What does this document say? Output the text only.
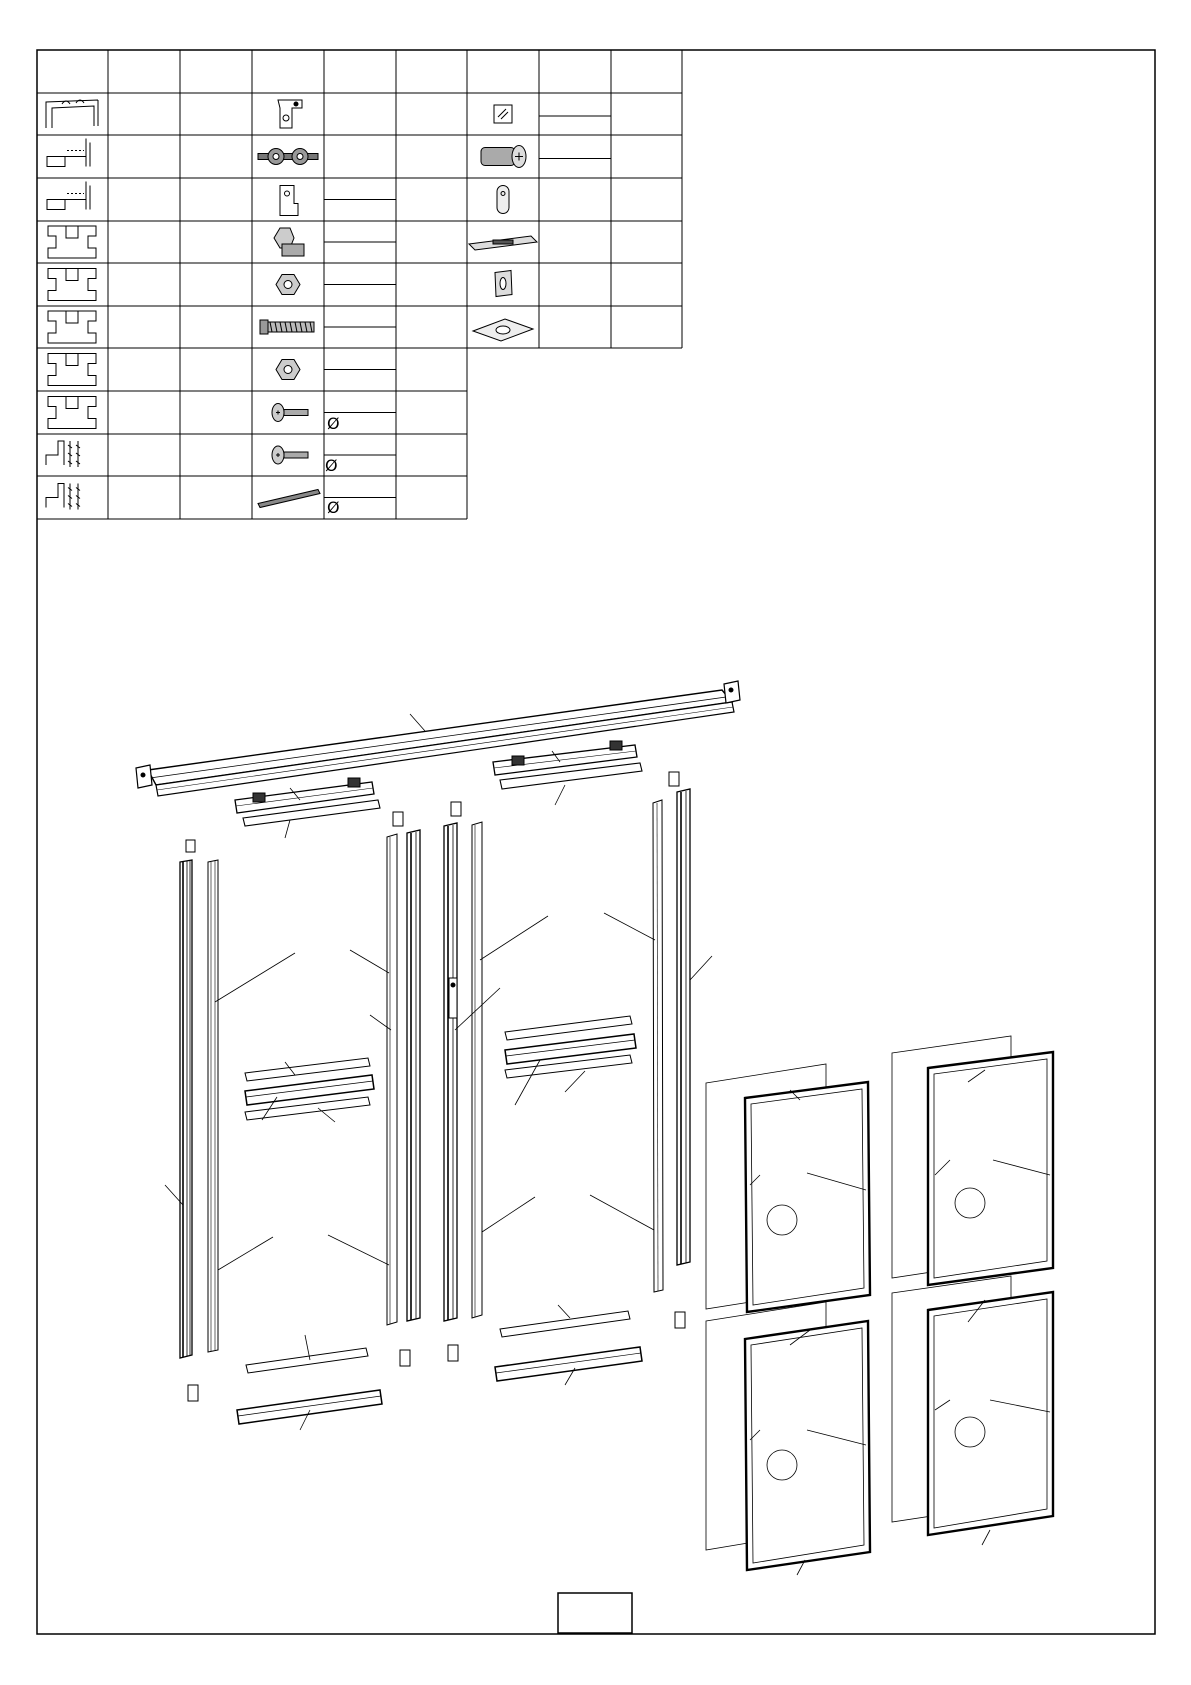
Ø
Ø
Ø
